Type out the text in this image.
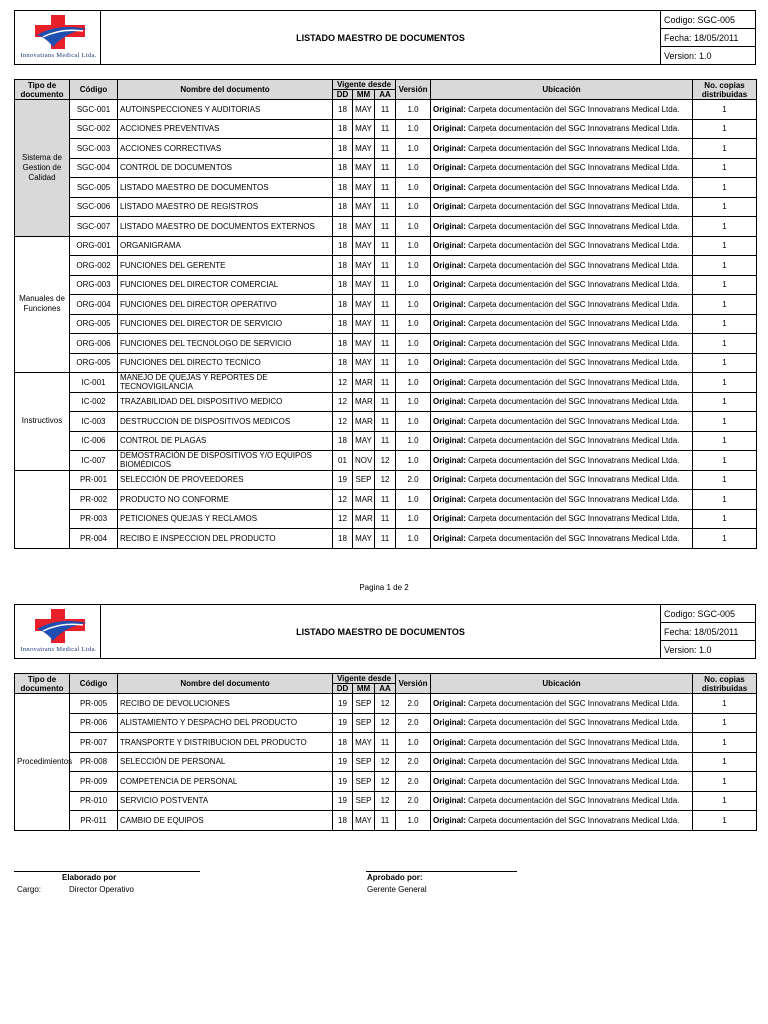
Innovatrans Medical Ltda.

	LISTADO MAESTRO DE DOCUMENTOS	Codigo: SGC-005
Fecha: 18/05/2011
Version: 1.0
Tipo de documento	Código	Nombre del documento	Vigente desde			Versión	Ubicación	No. copias distribuidas
			DD	MM	AA			
Sistema de Gestion de Calidad	SGC-001	AUTOINSPECCIONES Y AUDITORIAS	18	MAY	11	1.0	Original: Carpeta documentación del SGC Innovatrans Medical Ltda.	1
	SGC-002	ACCIONES PREVENTIVAS	18	MAY	11	1.0	Original: Carpeta documentación del SGC Innovatrans Medical Ltda.	1
	SGC-003	ACCIONES CORRECTIVAS	18	MAY	11	1.0	Original: Carpeta documentación del SGC Innovatrans Medical Ltda.	1
	SGC-004	CONTROL DE DOCUMENTOS	18	MAY	11	1.0	Original: Carpeta documentación del SGC Innovatrans Medical Ltda.	1
	SGC-005	LISTADO MAESTRO DE DOCUMENTOS	18	MAY	11	1.0	Original: Carpeta documentación del SGC Innovatrans Medical Ltda.	1
	SGC-006	LISTADO MAESTRO DE REGISTROS	18	MAY	11	1.0	Original: Carpeta documentación del SGC Innovatrans Medical Ltda.	1
	SGC-007	LISTADO MAESTRO DE DOCUMENTOS EXTERNOS	18	MAY	11	1.0	Original: Carpeta documentación del SGC Innovatrans Medical Ltda.	1
Manuales de Funciones	ORG-001	ORGANIGRAMA	18	MAY	11	1.0	Original: Carpeta documentación del SGC Innovatrans Medical Ltda.	1
	ORG-002	FUNCIONES DEL GERENTE	18	MAY	11	1.0	Original: Carpeta documentación del SGC Innovatrans Medical Ltda.	1
	ORG-003	FUNCIONES DEL DIRECTOR COMERCIAL	18	MAY	11	1.0	Original: Carpeta documentación del SGC Innovatrans Medical Ltda.	1
	ORG-004	FUNCIONES DEL DIRECTOR OPERATIVO	18	MAY	11	1.0	Original: Carpeta documentación del SGC Innovatrans Medical Ltda.	1
	ORG-005	FUNCIONES DEL DIRECTOR DE SERVICIO	18	MAY	11	1.0	Original: Carpeta documentación del SGC Innovatrans Medical Ltda.	1
	ORG-006	FUNCIONES DEL TECNOLOGO DE SERVICIO	18	MAY	11	1.0	Original: Carpeta documentación del SGC Innovatrans Medical Ltda.	1
	ORG-005	FUNCIONES DEL DIRECTO TECNICO	18	MAY	11	1.0	Original: Carpeta documentación del SGC Innovatrans Medical Ltda.	1
Instructivos	IC-001	MANEJO DE QUEJAS Y REPORTES DE TECNOVIGILANCIA	12	MAR	11	1.0	Original: Carpeta documentación del SGC Innovatrans Medical Ltda.	1
	IC-002	TRAZABILIDAD DEL DISPOSITIVO MEDICO	12	MAR	11	1.0	Original: Carpeta documentación del SGC Innovatrans Medical Ltda.	1
	IC-003	DESTRUCCION DE DISPOSITIVOS MEDICOS	12	MAR	11	1.0	Original: Carpeta documentación del SGC Innovatrans Medical Ltda.	1
	IC-006	CONTROL DE PLAGAS	18	MAY	11	1.0	Original: Carpeta documentación del SGC Innovatrans Medical Ltda.	1
	IC-007	DEMOSTRACIÓN DE DISPOSITIVOS Y/O EQUIPOS BIOMÉDICOS	01	NOV	12	1.0	Original: Carpeta documentación del SGC Innovatrans Medical Ltda.	1
	PR-001	SELECCIÓN DE PROVEEDORES	19	SEP	12	2.0	Original: Carpeta documentación del SGC Innovatrans Medical Ltda.	1
	PR-002	PRODUCTO NO CONFORME	12	MAR	11	1.0	Original: Carpeta documentación del SGC Innovatrans Medical Ltda.	1
	PR-003	PETICIONES QUEJAS Y RECLAMOS	12	MAR	11	1.0	Original: Carpeta documentación del SGC Innovatrans Medical Ltda.	1
	PR-004	RECIBO E INSPECCION DEL PRODUCTO	18	MAY	11	1.0	Original: Carpeta documentación del SGC Innovatrans Medical Ltda.	1
Pagina 1 de 2
Innovatrans Medical Ltda.

	LISTADO MAESTRO DE DOCUMENTOS	Codigo: SGC-005
Fecha: 18/05/2011
Version: 1.0
Tipo de documento	Código	Nombre del documento	Vigente desde			Versión	Ubicación	No. copias distribuidas
			DD	MM	AA			
Procedimientos	PR-005	RECIBO DE DEVOLUCIONES	19	SEP	12	2.0	Original: Carpeta documentación del SGC Innovatrans Medical Ltda.	1
	PR-006	ALISTAMIENTO Y DESPACHO DEL PRODUCTO	19	SEP	12	2.0	Original: Carpeta documentación del SGC Innovatrans Medical Ltda.	1
	PR-007	TRANSPORTE Y DISTRIBUCION DEL PRODUCTO	18	MAY	11	1.0	Original: Carpeta documentación del SGC Innovatrans Medical Ltda.	1
	PR-008	SELECCIÓN DE PERSONAL	19	SEP	12	2.0	Original: Carpeta documentación del SGC Innovatrans Medical Ltda.	1
	PR-009	COMPETENCIA DE PERSONAL	19	SEP	12	2.0	Original: Carpeta documentación del SGC Innovatrans Medical Ltda.	1
	PR-010	SERVICIO POSTVENTA	19	SEP	12	2.0	Original: Carpeta documentación del SGC Innovatrans Medical Ltda.	1
	PR-011	CAMBIO DE EQUIPOS	18	MAY	11	1.0	Original: Carpeta documentación del SGC Innovatrans Medical Ltda.	1
Elaborado por
Cargo:	Director Operativo
Aprobado por:
Gerente General
